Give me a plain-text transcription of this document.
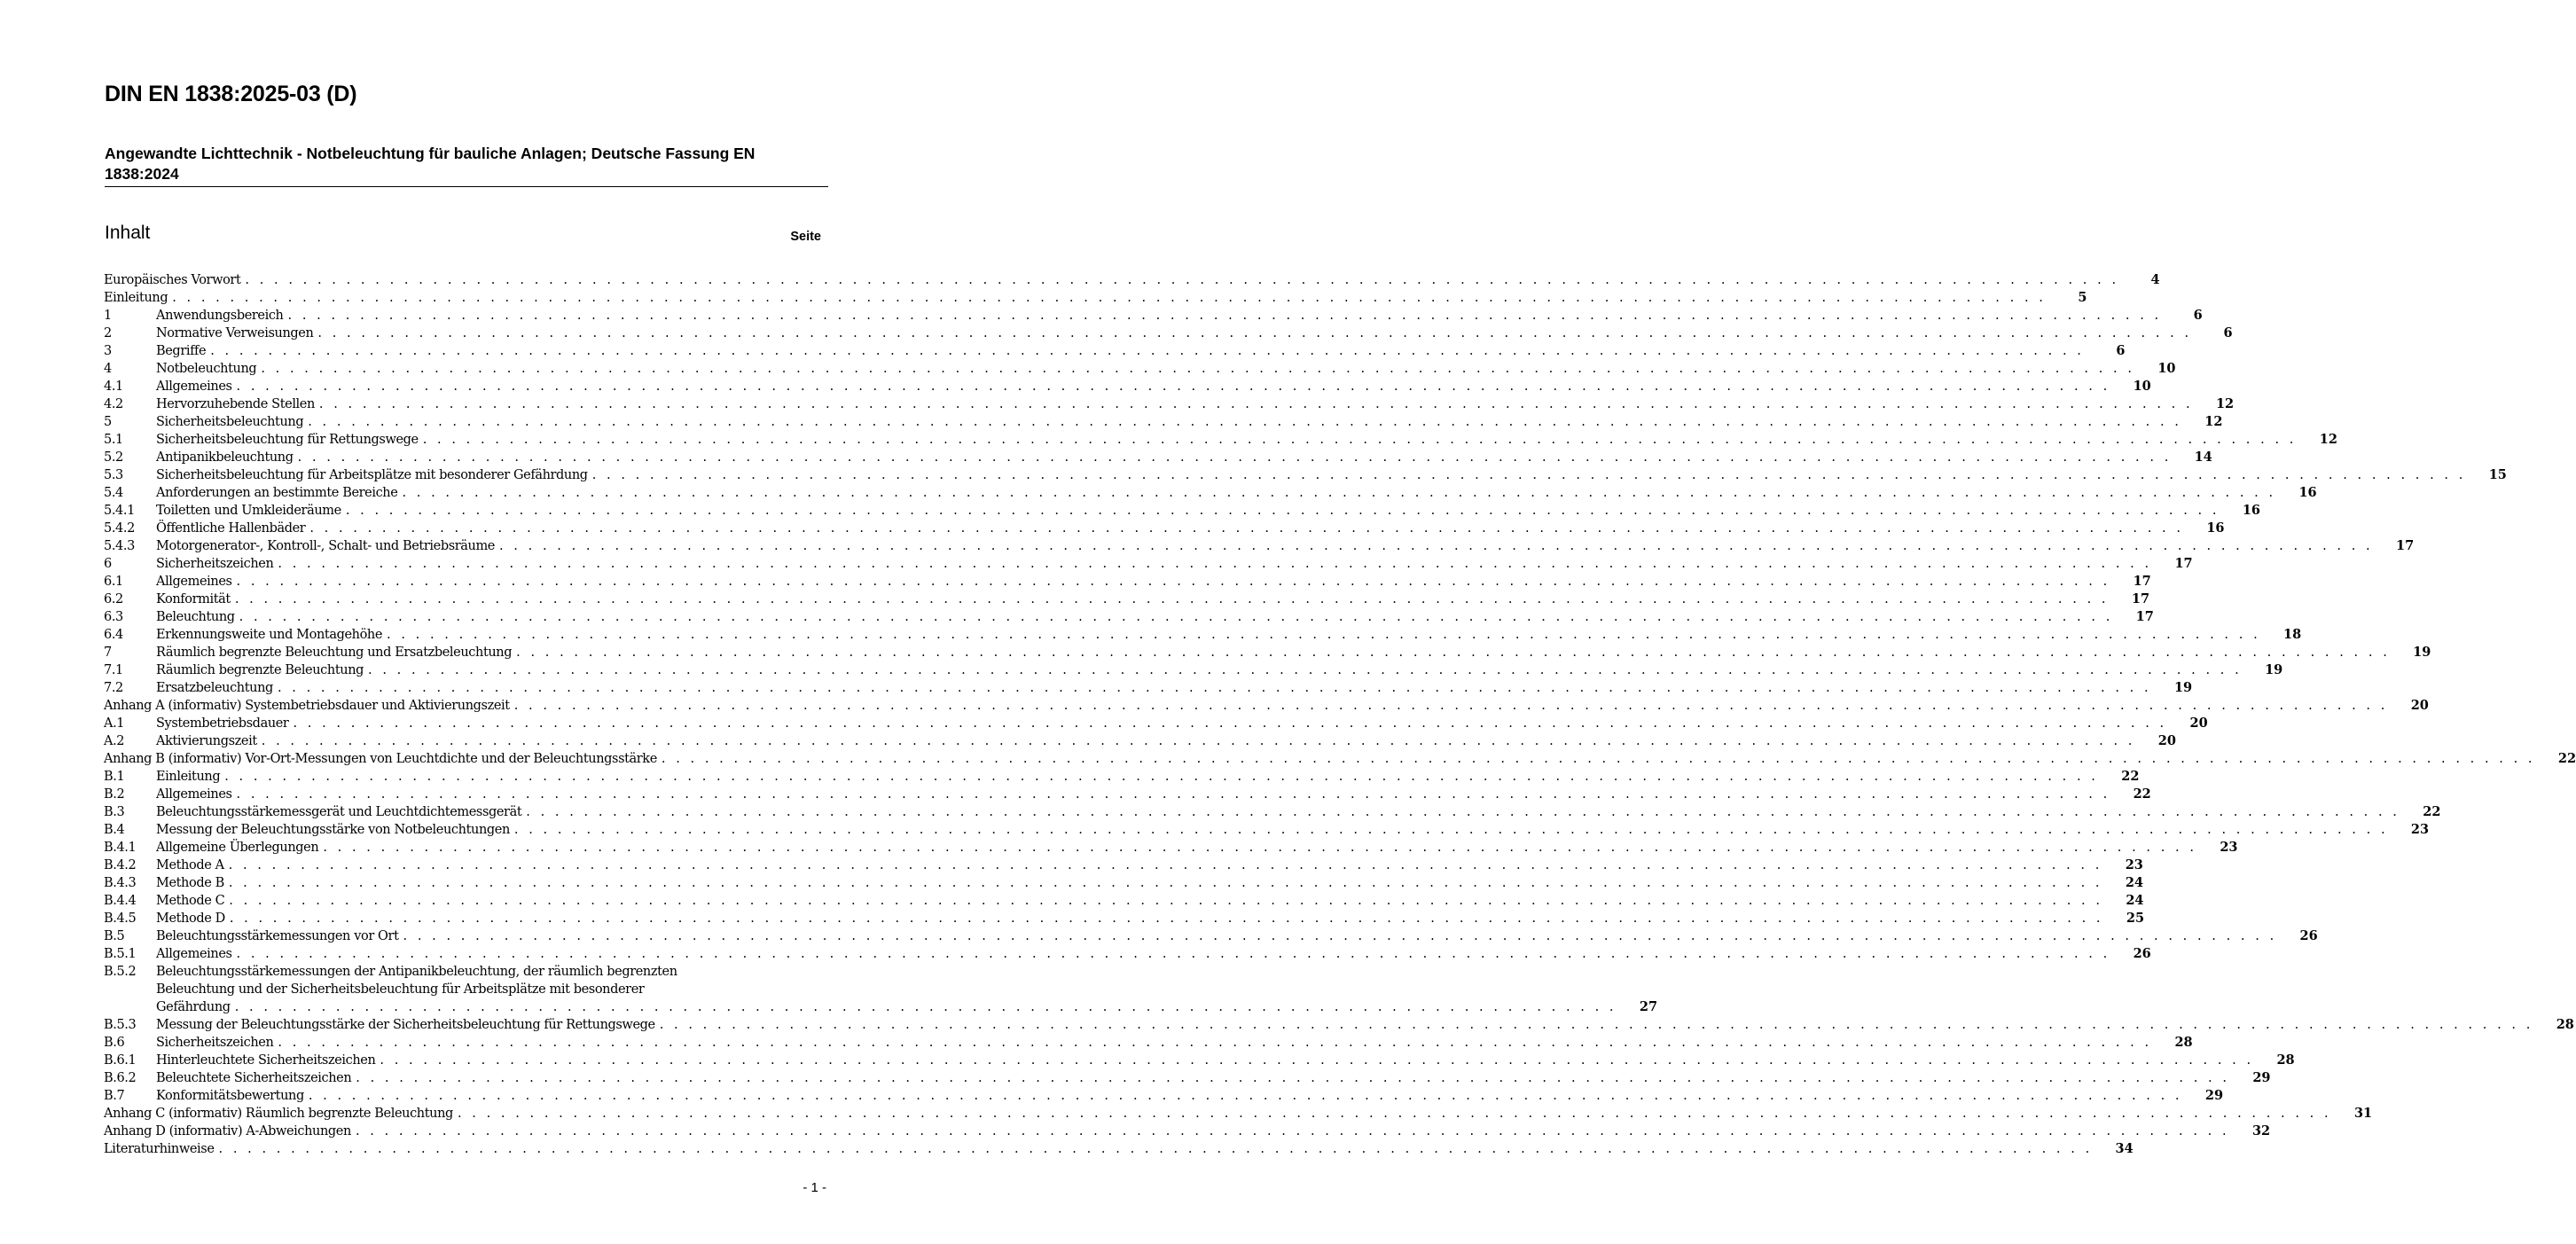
DIN EN 1838:2025-03 (D)
Angewandte Lichttechnik - Notbeleuchtung für bauliche Anlagen; Deutsche Fassung EN 1838:2024
Inhalt	Seite
Europäisches Vorwort . . .	4
Einleitung . . .	5
1	Anwendungsbereich . . .	6
2	Normative Verweisungen . . .	6
3	Begriffe . . .	6
4	Notbeleuchtung . . .	10
4.1	Allgemeines . . .	10
4.2	Hervorzuhebende Stellen . . .	12
5	Sicherheitsbeleuchtung . . .	12
5.1	Sicherheitsbeleuchtung für Rettungswege . . .	12
5.2	Antipanikbeleuchtung . . .	14
5.3	Sicherheitsbeleuchtung für Arbeitsplätze mit besonderer Gefährdung . . .	15
5.4	Anforderungen an bestimmte Bereiche . . .	16
5.4.1	Toiletten und Umkleideräume . . .	16
5.4.2	Öffentliche Hallenbäder . . .	16
5.4.3	Motorgenerator-, Kontroll-, Schalt- und Betriebsräume . . .	17
6	Sicherheitszeichen . . .	17
6.1	Allgemeines . . .	17
6.2	Konformität . . .	17
6.3	Beleuchtung . . .	17
6.4	Erkennungsweite und Montagehöhe . . .	18
7	Räumlich begrenzte Beleuchtung und Ersatzbeleuchtung . . .	19
7.1	Räumlich begrenzte Beleuchtung . . .	19
7.2	Ersatzbeleuchtung . . .	19
Anhang A (informativ) Systembetriebsdauer und Aktivierungszeit . . .	20
A.1	Systembetriebsdauer . . .	20
A.2	Aktivierungszeit . . .	20
Anhang B (informativ) Vor-Ort-Messungen von Leuchtdichte und der Beleuchtungsstärke . . .	22
B.1	Einleitung . . .	22
B.2	Allgemeines . . .	22
B.3	Beleuchtungsstärkemessgerät und Leuchtdichtemessgerät . . .	22
B.4	Messung der Beleuchtungsstärke von Notbeleuchtungen . . .	23
B.4.1	Allgemeine Überlegungen . . .	23
B.4.2	Methode A . . .	23
B.4.3	Methode B . . .	24
B.4.4	Methode C . . .	24
B.4.5	Methode D . . .	25
B.5	Beleuchtungsstärkemessungen vor Ort . . .	26
B.5.1	Allgemeines . . .	26
B.5.2	Beleuchtungsstärkemessungen der Antipanikbeleuchtung, der räumlich begrenzten
Beleuchtung und der Sicherheitsbeleuchtung für Arbeitsplätze mit besonderer
Gefährdung . . .	27
B.5.3	Messung der Beleuchtungsstärke der Sicherheitsbeleuchtung für Rettungswege . . .	28
B.6	Sicherheitszeichen . . .	28
B.6.1	Hinterleuchtete Sicherheitszeichen . . .	28
B.6.2	Beleuchtete Sicherheitszeichen . . .	29
B.7	Konformitätsbewertung . . .	29
Anhang C (informativ) Räumlich begrenzte Beleuchtung . . .	31
Anhang D (informativ) A-Abweichungen . . .	32
Literaturhinweise . . .	34
- 1 -
